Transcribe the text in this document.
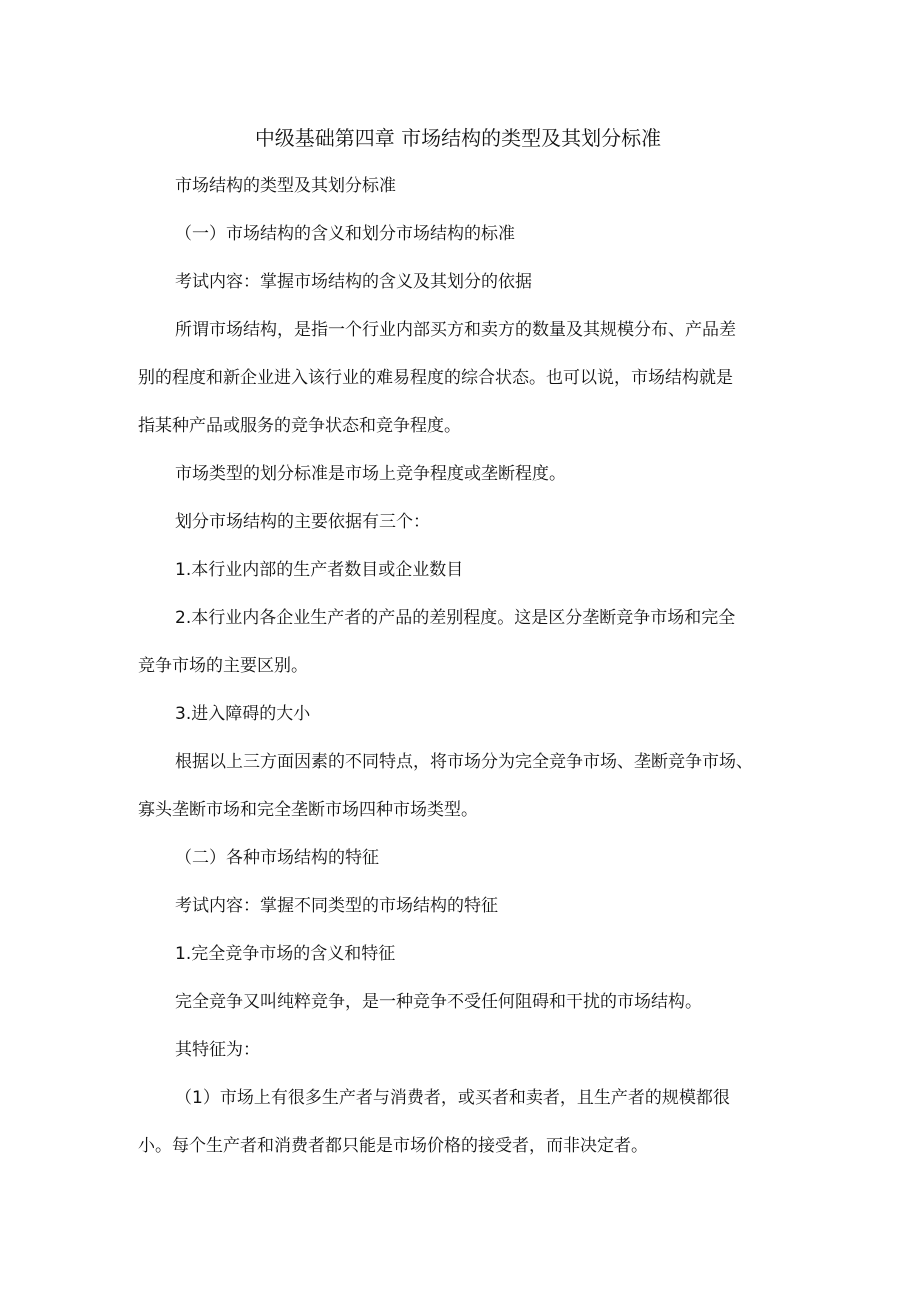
中级基础第四章 市场结构的类型及其划分标准
市场结构的类型及其划分标准
（一）市场结构的含义和划分市场结构的标准
考试内容：掌握市场结构的含义及其划分的依据
所谓市场结构，是指一个行业内部买方和卖方的数量及其规模分布、产品差
别的程度和新企业进入该行业的难易程度的综合状态。也可以说，市场结构就是
指某种产品或服务的竞争状态和竞争程度。
市场类型的划分标准是市场上竞争程度或垄断程度。
划分市场结构的主要依据有三个：
1.本行业内部的生产者数目或企业数目
2.本行业内各企业生产者的产品的差别程度。这是区分垄断竞争市场和完全
竞争市场的主要区别。
3.进入障碍的大小
根据以上三方面因素的不同特点，将市场分为完全竞争市场、垄断竞争市场、
寡头垄断市场和完全垄断市场四种市场类型。
（二）各种市场结构的特征
考试内容：掌握不同类型的市场结构的特征
1.完全竞争市场的含义和特征
完全竞争又叫纯粹竞争，是一种竞争不受任何阻碍和干扰的市场结构。
其特征为：
（1）市场上有很多生产者与消费者，或买者和卖者，且生产者的规模都很
小。每个生产者和消费者都只能是市场价格的接受者，而非决定者。
